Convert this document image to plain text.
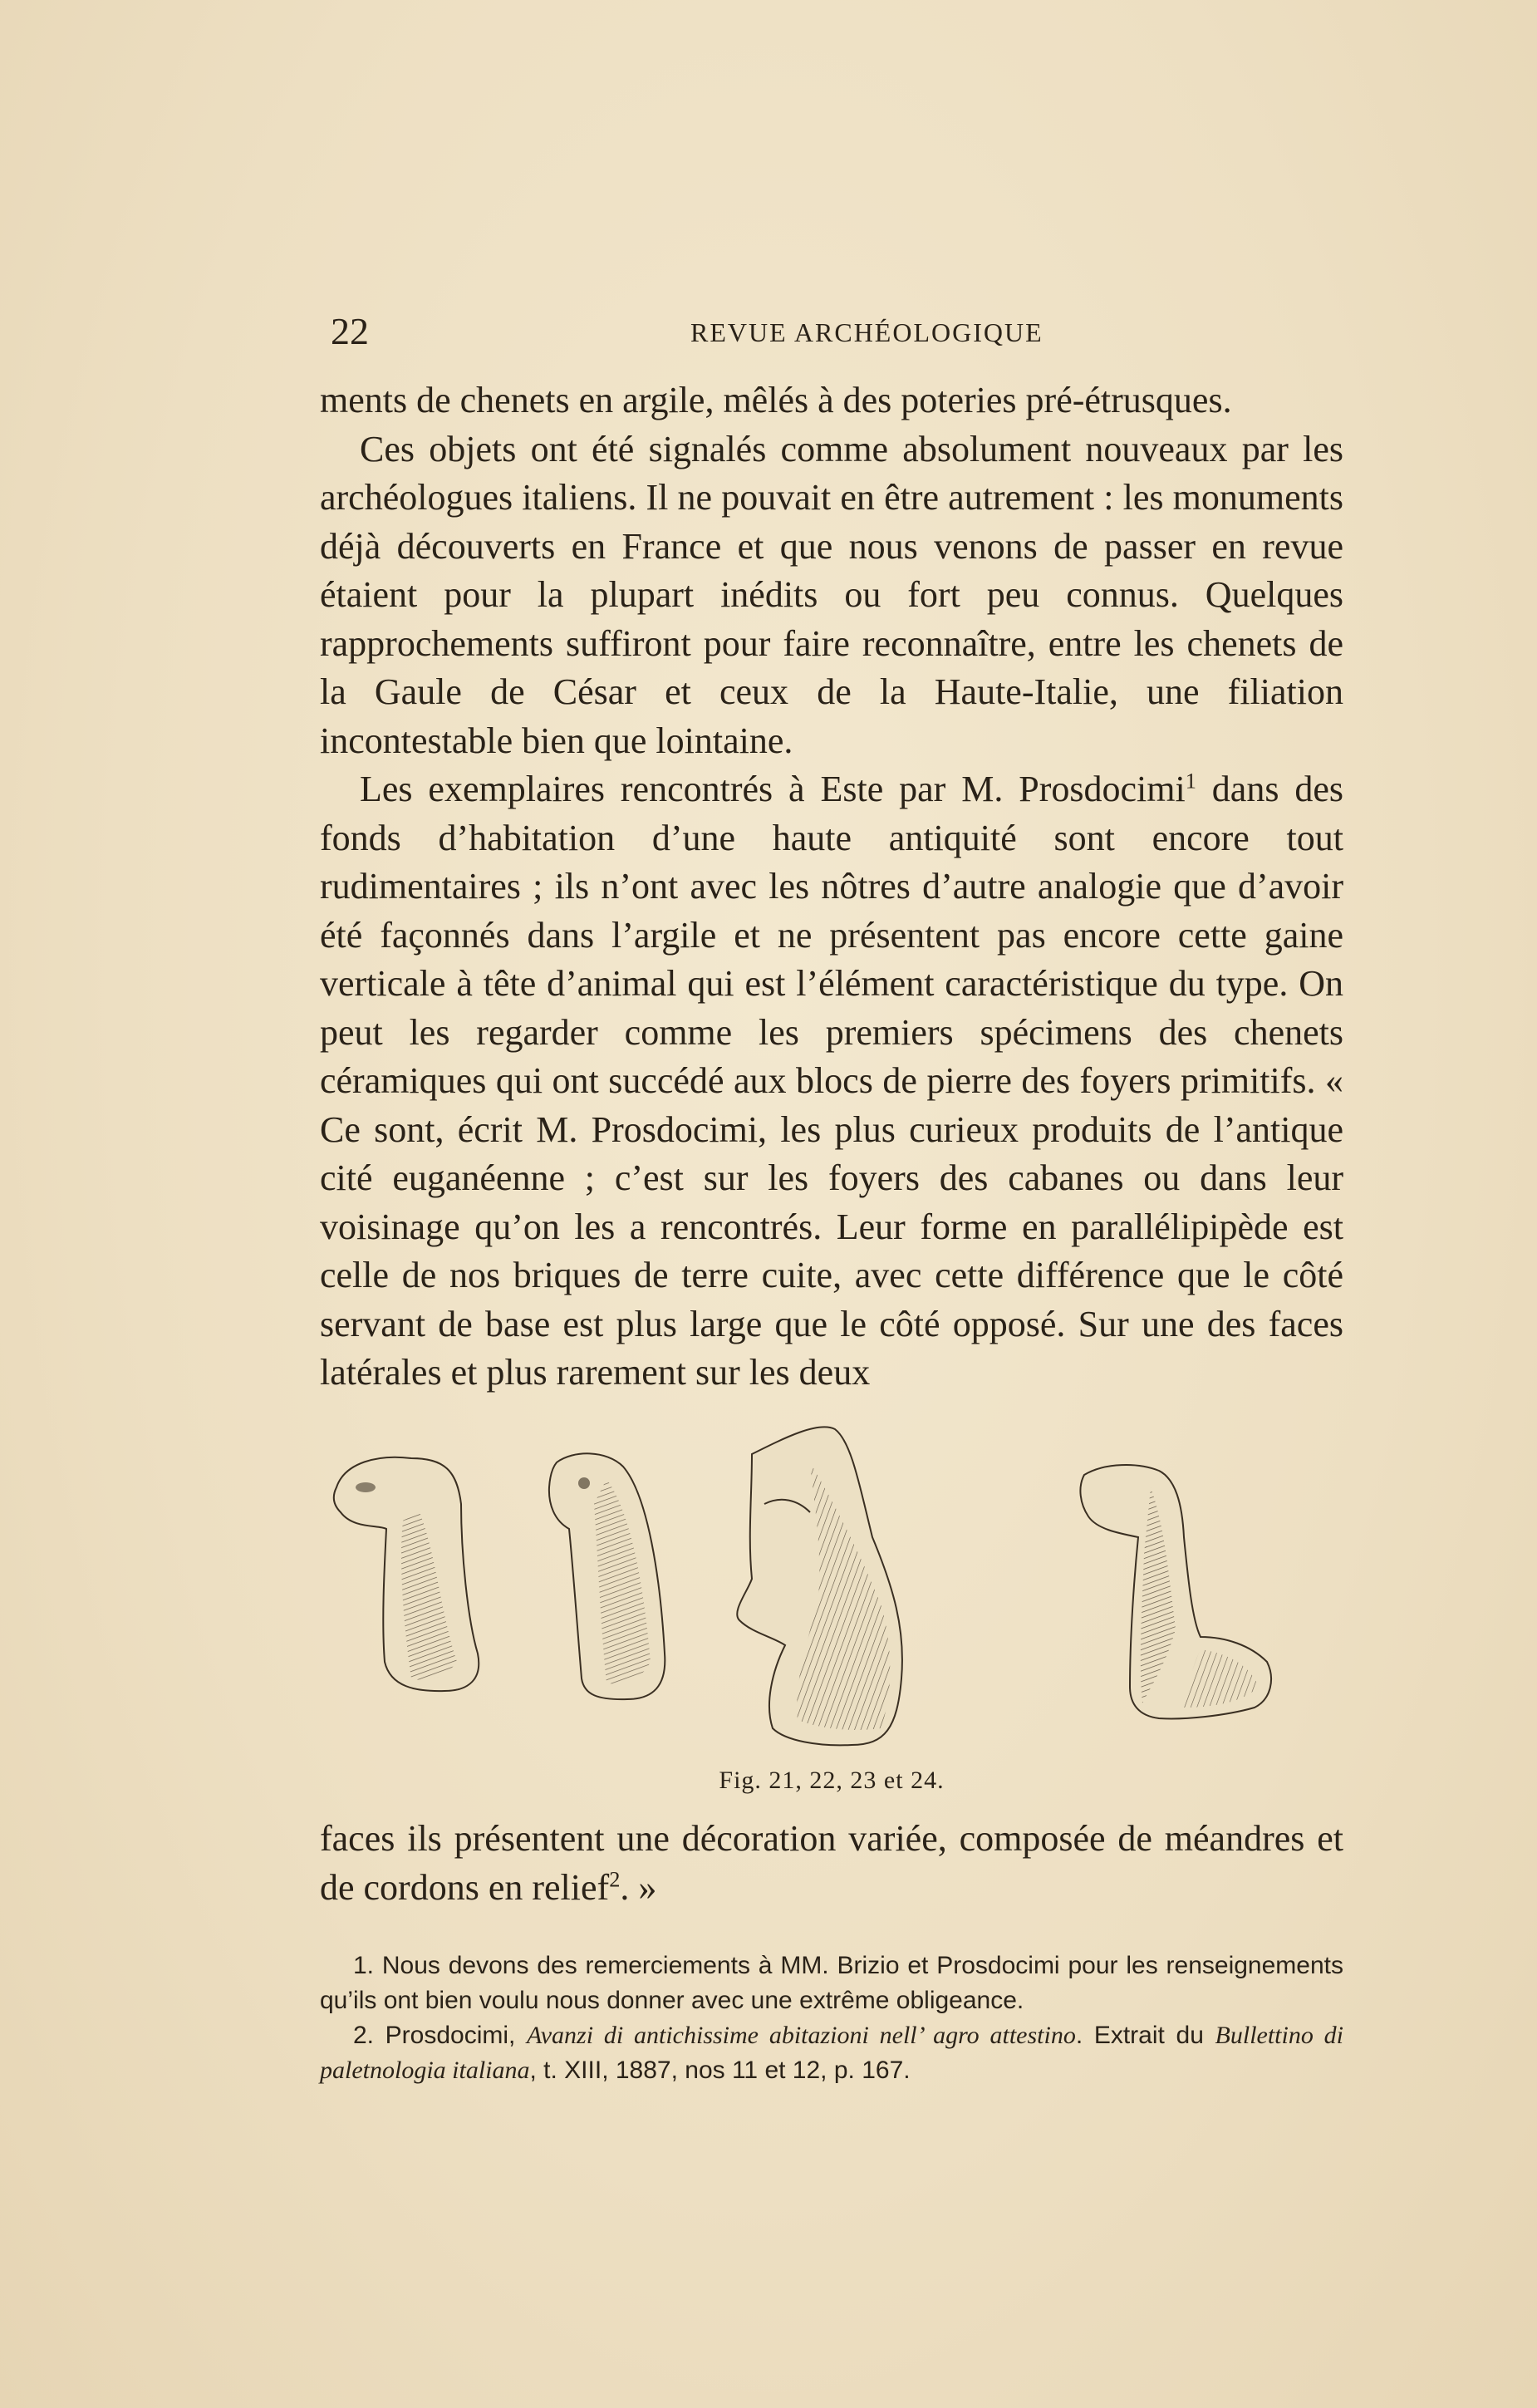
22	REVUE ARCHÉOLOGIQUE

ments de chenets en argile, mêlés à des poteries pré-étrusques.

Ces objets ont été signalés comme absolument nouveaux par les archéologues italiens. Il ne pouvait en être autrement : les monuments déjà découverts en France et que nous venons de passer en revue étaient pour la plupart inédits ou fort peu connus. Quelques rapprochements suffiront pour faire reconnaître, entre les chenets de la Gaule de César et ceux de la Haute-Italie, une filiation incontestable bien que lointaine.

Les exemplaires rencontrés à Este par M. Prosdocimi$^1$ dans des fonds d’habitation d’une haute antiquité sont encore tout rudimentaires ; ils n’ont avec les nôtres d’autre analogie que d’avoir été façonnés dans l’argile et ne présentent pas encore cette gaine verticale à tête d’animal qui est l’élément caractéristique du type. On peut les regarder comme les premiers spécimens des chenets céramiques qui ont succédé aux blocs de pierre des foyers primitifs. « Ce sont, écrit M. Prosdocimi, les plus curieux produits de l’antique cité euganéenne ; c’est sur les foyers des cabanes ou dans leur voisinage qu’on les a rencontrés. Leur forme en parallélipipède est celle de nos briques de terre cuite, avec cette différence que le côté servant de base est plus large que le côté opposé. Sur une des faces latérales et plus rarement sur les deux

Fig. 21, 22, 23 et 24.

faces ils présentent une décoration variée, composée de méandres et de cordons en relief$^2$. »

1. Nous devons des remerciements à MM. Brizio et Prosdocimi pour les renseignements qu’ils ont bien voulu nous donner avec une extrême obligeance.

2. Prosdocimi, Avanzi di antichissime abitazioni nell’ agro attestino. Extrait du Bullettino di paletnologia italiana, t. XIII, 1887, nos 11 et 12, p. 167.
